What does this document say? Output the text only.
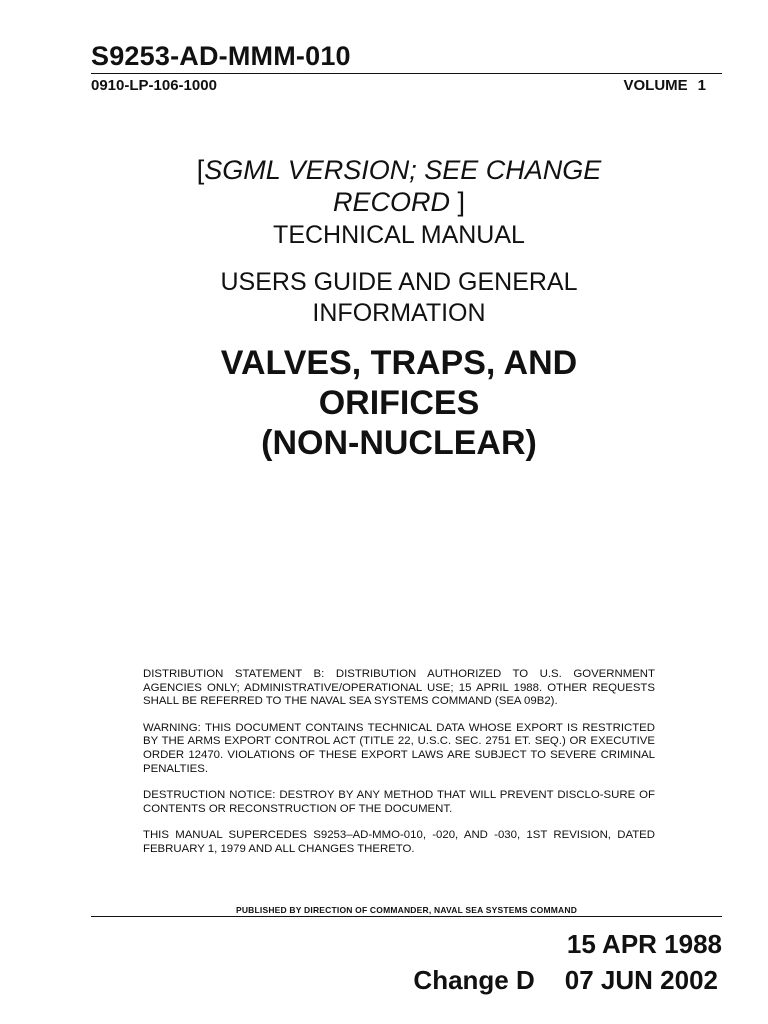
S9253-AD-MMM-010
0910-LP-106-1000	VOLUME 1
[SGML VERSION; SEE CHANGE
RECORD ]
TECHNICAL MANUAL
USERS GUIDE AND GENERAL
INFORMATION
VALVES, TRAPS, AND
ORIFICES
(NON-NUCLEAR)

DISTRIBUTION STATEMENT B: DISTRIBUTION AUTHORIZED TO U.S. GOVERNMENT AGENCIES ONLY; ADMINISTRATIVE/OPERATIONAL USE; 15 APRIL 1988. OTHER REQUESTS SHALL BE REFERRED TO THE NAVAL SEA SYSTEMS COMMAND (SEA 09B2).

WARNING: THIS DOCUMENT CONTAINS TECHNICAL DATA WHOSE EXPORT IS RESTRICTED BY THE ARMS EXPORT CONTROL ACT (TITLE 22, U.S.C. SEC. 2751 ET. SEQ.) OR EXECUTIVE ORDER 12470. VIOLATIONS OF THESE EXPORT LAWS ARE SUBJECT TO SEVERE CRIMINAL PENALTIES.

DESTRUCTION NOTICE: DESTROY BY ANY METHOD THAT WILL PREVENT DISCLO-SURE OF CONTENTS OR RECONSTRUCTION OF THE DOCUMENT.

THIS MANUAL SUPERCEDES S9253–AD-MMO-010, -020, AND -030, 1ST REVISION, DATED FEBRUARY 1, 1979 AND ALL CHANGES THERETO.

PUBLISHED BY DIRECTION OF COMMANDER, NAVAL SEA SYSTEMS COMMAND
15 APR 1988
Change D 07 JUN 2002
